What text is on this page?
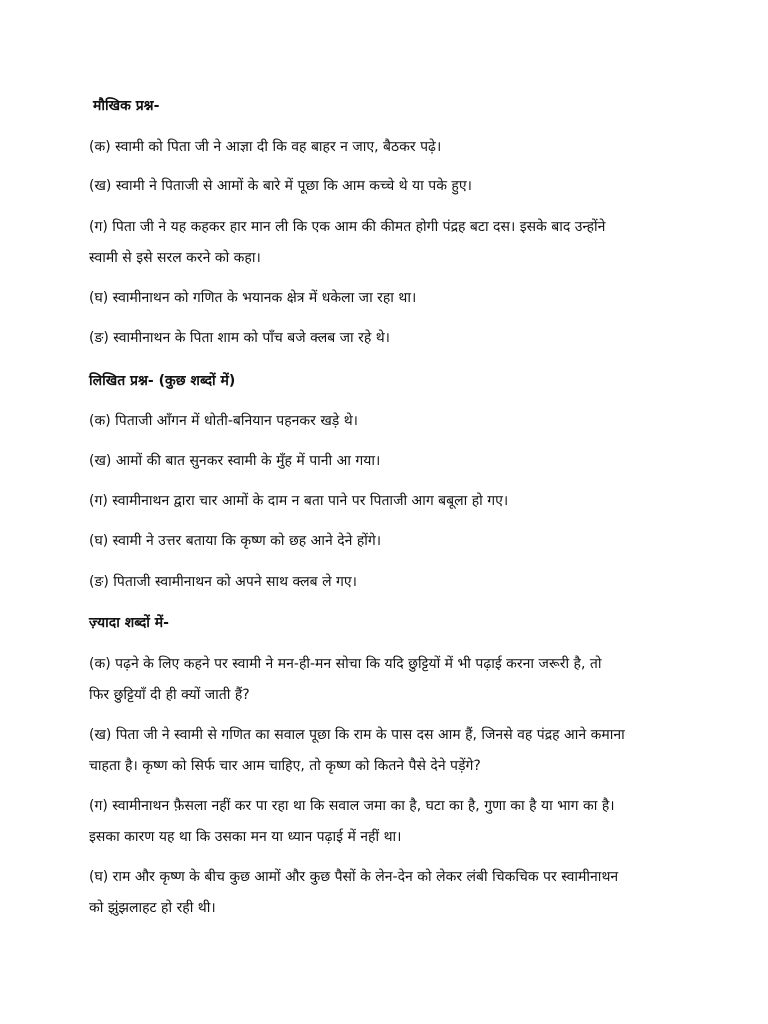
मौखिक प्रश्न-
(क) स्वामी को पिता जी ने आज्ञा दी कि वह बाहर न जाए, बैठकर पढ़े।
(ख) स्वामी ने पिताजी से आमों के बारे में पूछा कि आम कच्चे थे या पके हुए।
(ग) पिता जी ने यह कहकर हार मान ली कि एक आम की कीमत होगी पंद्रह बटा दस। इसके बाद उन्होंने
स्वामी से इसे सरल करने को कहा।
(घ) स्वामीनाथन को गणित के भयानक क्षेत्र में धकेला जा रहा था।
(ङ) स्वामीनाथन के पिता शाम को पाँच बजे क्लब जा रहे थे।
लिखित प्रश्न- (कुछ शब्दों में)
(क) पिताजी आँगन में धोती-बनियान पहनकर खड़े थे।
(ख) आमों की बात सुनकर स्वामी के मुँह में पानी आ गया।
(ग) स्वामीनाथन द्वारा चार आमों के दाम न बता पाने पर पिताजी आग बबूला हो गए।
(घ) स्वामी ने उत्तर बताया कि कृष्ण को छह आने देने होंगे।
(ङ) पिताजी स्वामीनाथन को अपने साथ क्लब ले गए।
ज़्यादा शब्दों में-
(क) पढ़ने के लिए कहने पर स्वामी ने मन-ही-मन सोचा कि यदि छुट्टियों में भी पढ़ाई करना जरूरी है, तो
फिर छुट्टियाँ दी ही क्यों जाती हैं?
(ख) पिता जी ने स्वामी से गणित का सवाल पूछा कि राम के पास दस आम हैं, जिनसे वह पंद्रह आने कमाना
चाहता है। कृष्ण को सिर्फ चार आम चाहिए, तो कृष्ण को कितने पैसे देने पड़ेंगे?
(ग) स्वामीनाथन फ़ैसला नहीं कर पा रहा था कि सवाल जमा का है, घटा का है, गुणा का है या भाग का है।
इसका कारण यह था कि उसका मन या ध्यान पढ़ाई में नहीं था।
(घ) राम और कृष्ण के बीच कुछ आमों और कुछ पैसों के लेन-देन को लेकर लंबी चिकचिक पर स्वामीनाथन
को झुंझलाहट हो रही थी।
